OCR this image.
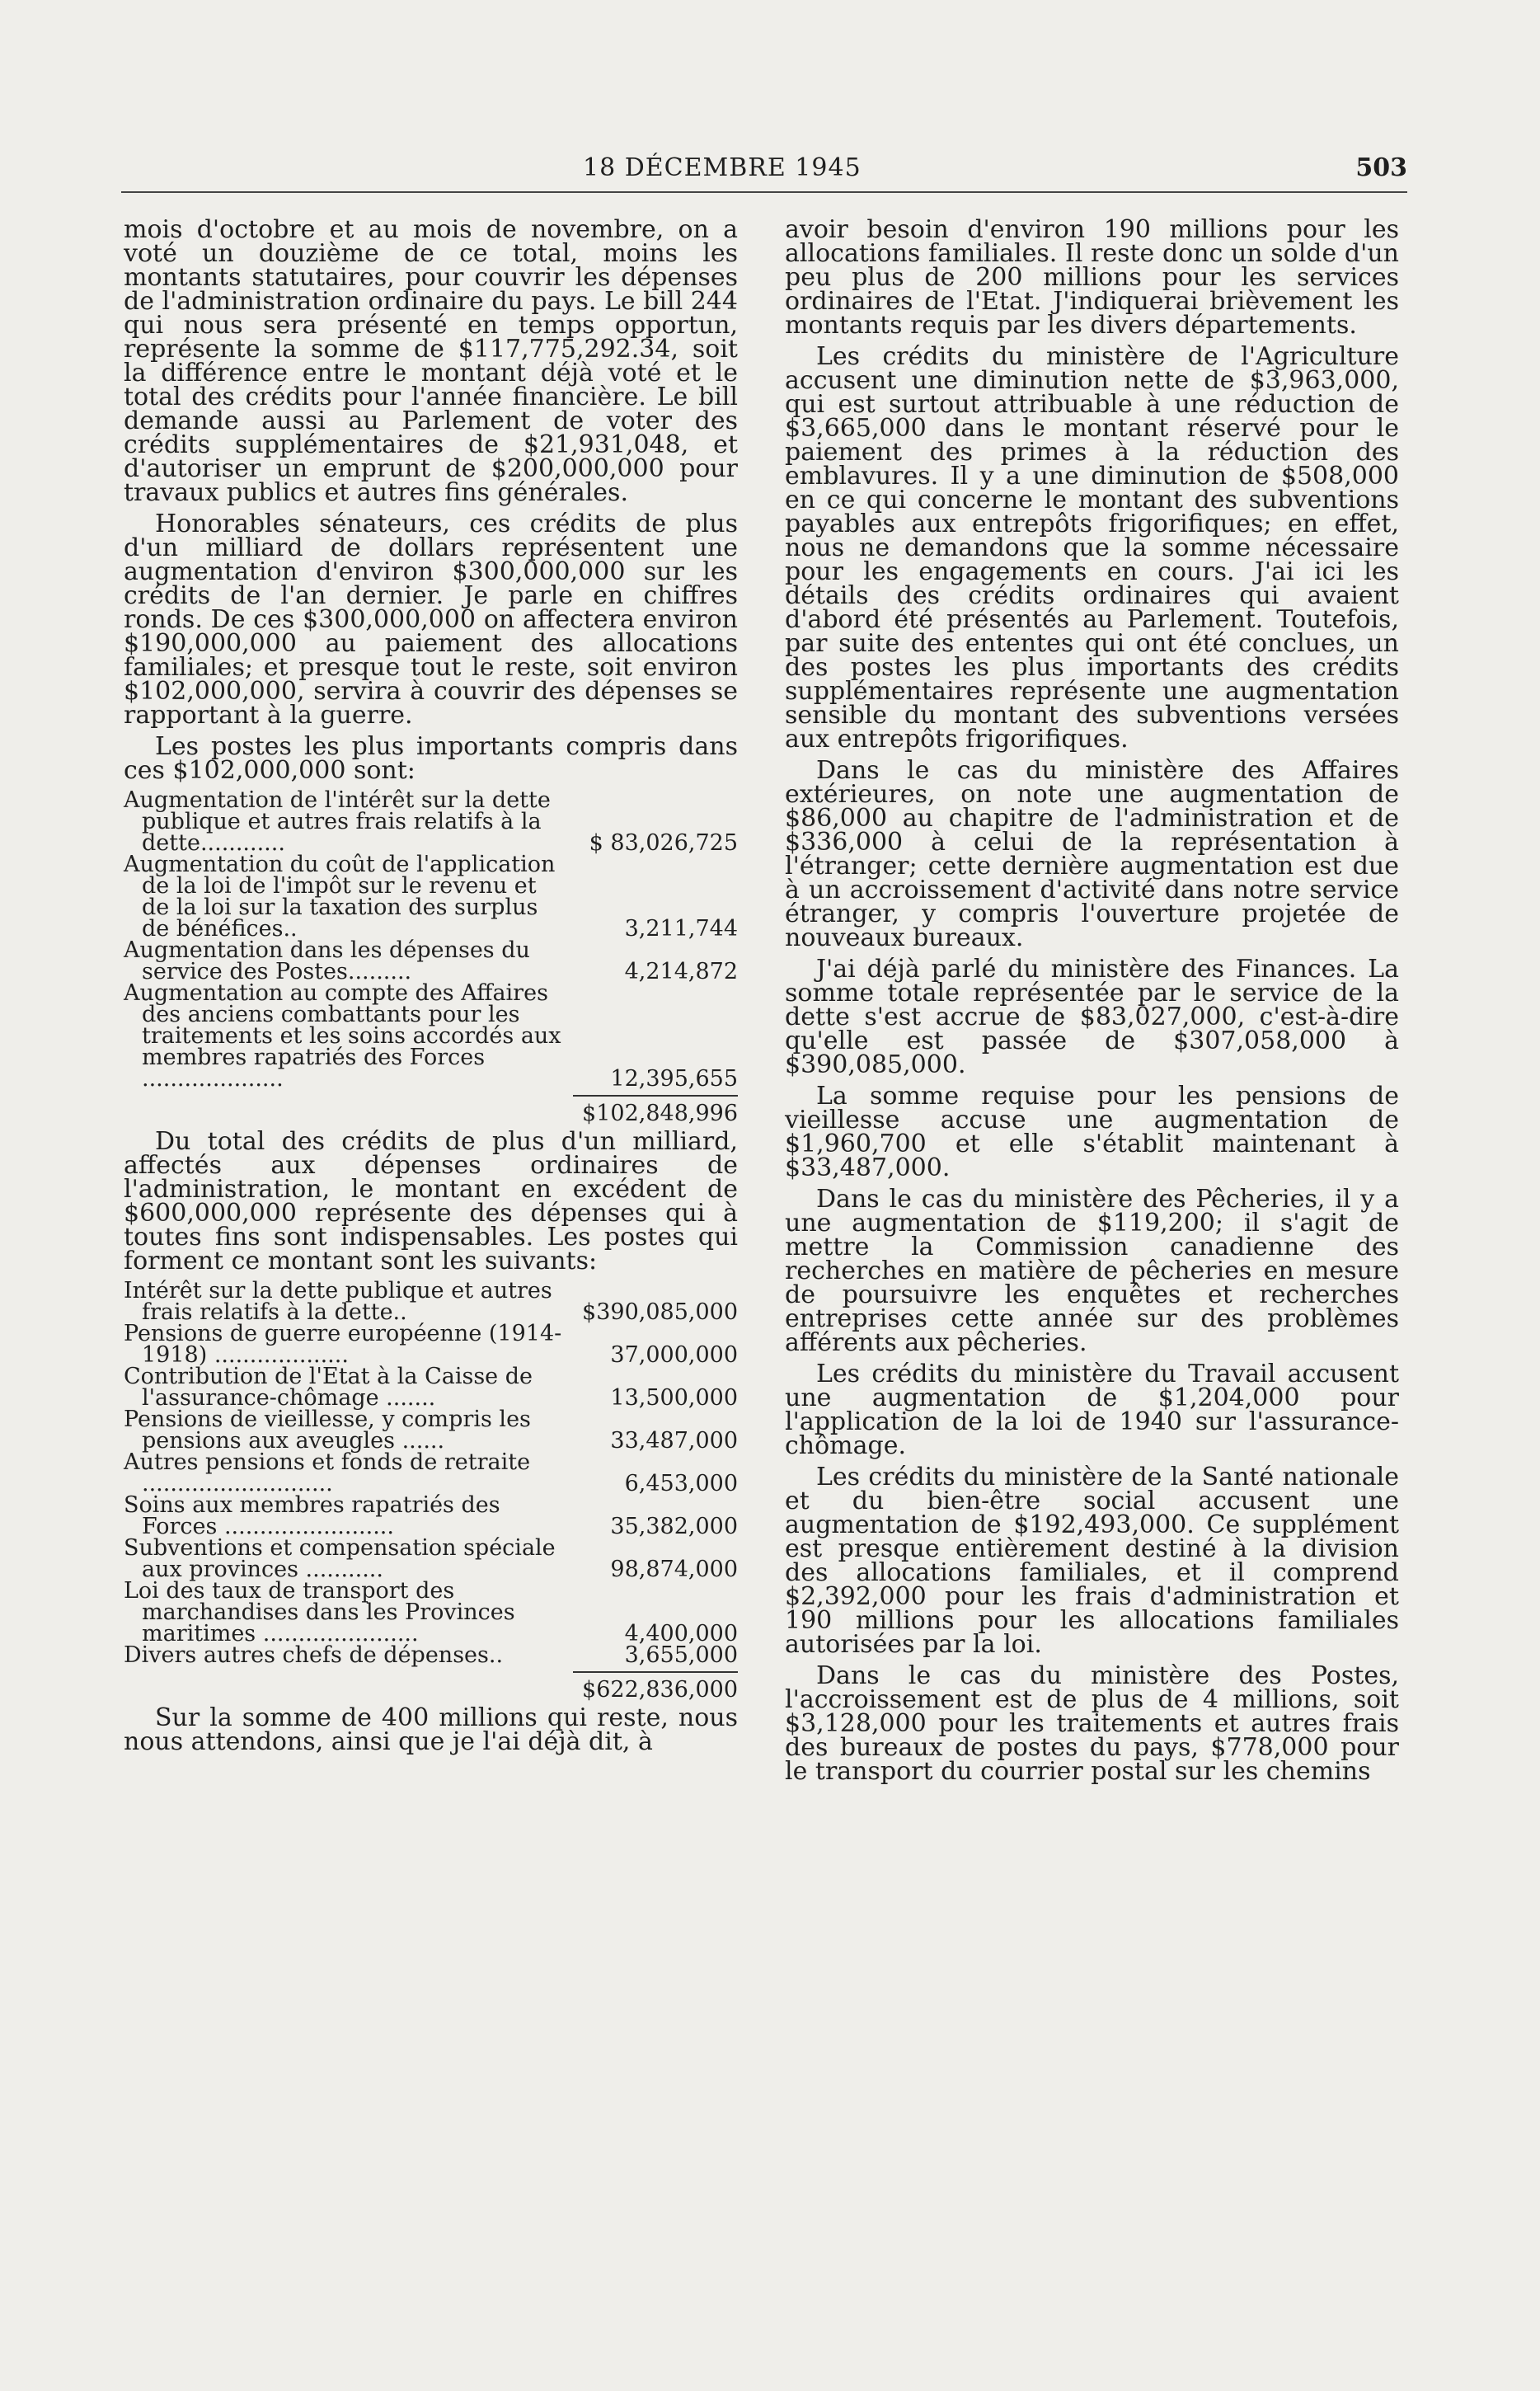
18 DÉCEMBRE 1945	503

mois d'octobre et au mois de novembre, on a voté un douzième de ce total, moins les montants statutaires, pour couvrir les dépenses de l'administration ordinaire du pays. Le bill 244 qui nous sera présenté en temps opportun, représente la somme de $117,775,292.34, soit la différence entre le montant déjà voté et le total des crédits pour l'année financière. Le bill demande aussi au Parlement de voter des crédits supplémentaires de $21,931,048, et d'autoriser un emprunt de $200,000,000 pour travaux publics et autres fins générales.

Honorables sénateurs, ces crédits de plus d'un milliard de dollars représentent une augmentation d'environ $300,000,000 sur les crédits de l'an dernier. Je parle en chiffres ronds. De ces $300,000,000 on affectera environ $190,000,000 au paiement des allocations familiales; et presque tout le reste, soit environ $102,000,000, servira à couvrir des dépenses se rapportant à la guerre.

Les postes les plus importants compris dans ces $102,000,000 sont:

Augmentation de l'intérêt sur la dette publique et autres frais relatifs à la dette............	$ 83,026,725
Augmentation du coût de l'application de la loi de l'impôt sur le revenu et de la loi sur la taxation des surplus de bénéfices..	3,211,744
Augmentation dans les dépenses du service des Postes.........	4,214,872
Augmentation au compte des Affaires des anciens combattants pour les traitements et les soins accordés aux membres rapatriés des Forces ....................	12,395,655

	$102,848,996

Du total des crédits de plus d'un milliard, affectés aux dépenses ordinaires de l'administration, le montant en excédent de $600,000,000 représente des dépenses qui à toutes fins sont indispensables. Les postes qui forment ce montant sont les suivants:

Intérêt sur la dette publique et autres frais relatifs à la dette..	$390,085,000
Pensions de guerre européenne (1914-1918) ...................	37,000,000
Contribution de l'Etat à la Caisse de l'assurance-chômage .......	13,500,000
Pensions de vieillesse, y compris les pensions aux aveugles ......	33,487,000
Autres pensions et fonds de retraite ...........................	6,453,000
Soins aux membres rapatriés des Forces ........................	35,382,000
Subventions et compensation spéciale aux provinces ...........	98,874,000
Loi des taux de transport des marchandises dans les Provinces maritimes ......................	4,400,000
Divers autres chefs de dépenses..	3,655,000

	$622,836,000

Sur la somme de 400 millions qui reste, nous nous attendons, ainsi que je l'ai déjà dit, à

avoir besoin d'environ 190 millions pour les allocations familiales. Il reste donc un solde d'un peu plus de 200 millions pour les services ordinaires de l'Etat. J'indiquerai brièvement les montants requis par les divers départements.

Les crédits du ministère de l'Agriculture accusent une diminution nette de $3,963,000, qui est surtout attribuable à une réduction de $3,665,000 dans le montant réservé pour le paiement des primes à la réduction des emblavures. Il y a une diminution de $508,000 en ce qui concerne le montant des subventions payables aux entrepôts frigorifiques; en effet, nous ne demandons que la somme nécessaire pour les engagements en cours. J'ai ici les détails des crédits ordinaires qui avaient d'abord été présentés au Parlement. Toutefois, par suite des ententes qui ont été conclues, un des postes les plus importants des crédits supplémentaires représente une augmentation sensible du montant des subventions versées aux entrepôts frigorifiques.

Dans le cas du ministère des Affaires extérieures, on note une augmentation de $86,000 au chapitre de l'administration et de $336,000 à celui de la représentation à l'étranger; cette dernière augmentation est due à un accroissement d'activité dans notre service étranger, y compris l'ouverture projetée de nouveaux bureaux.

J'ai déjà parlé du ministère des Finances. La somme totale représentée par le service de la dette s'est accrue de $83,027,000, c'est-à-dire qu'elle est passée de $307,058,000 à $390,085,000.

La somme requise pour les pensions de vieillesse accuse une augmentation de $1,960,700 et elle s'établit maintenant à $33,487,000.

Dans le cas du ministère des Pêcheries, il y a une augmentation de $119,200; il s'agit de mettre la Commission canadienne des recherches en matière de pêcheries en mesure de poursuivre les enquêtes et recherches entreprises cette année sur des problèmes afférents aux pêcheries.

Les crédits du ministère du Travail accusent une augmentation de $1,204,000 pour l'application de la loi de 1940 sur l'assurance-chômage.

Les crédits du ministère de la Santé nationale et du bien-être social accusent une augmentation de $192,493,000. Ce supplément est presque entièrement destiné à la division des allocations familiales, et il comprend $2,392,000 pour les frais d'administration et 190 millions pour les allocations familiales autorisées par la loi.

Dans le cas du ministère des Postes, l'accroissement est de plus de 4 millions, soit $3,128,000 pour les traitements et autres frais des bureaux de postes du pays, $778,000 pour le transport du courrier postal sur les chemins
